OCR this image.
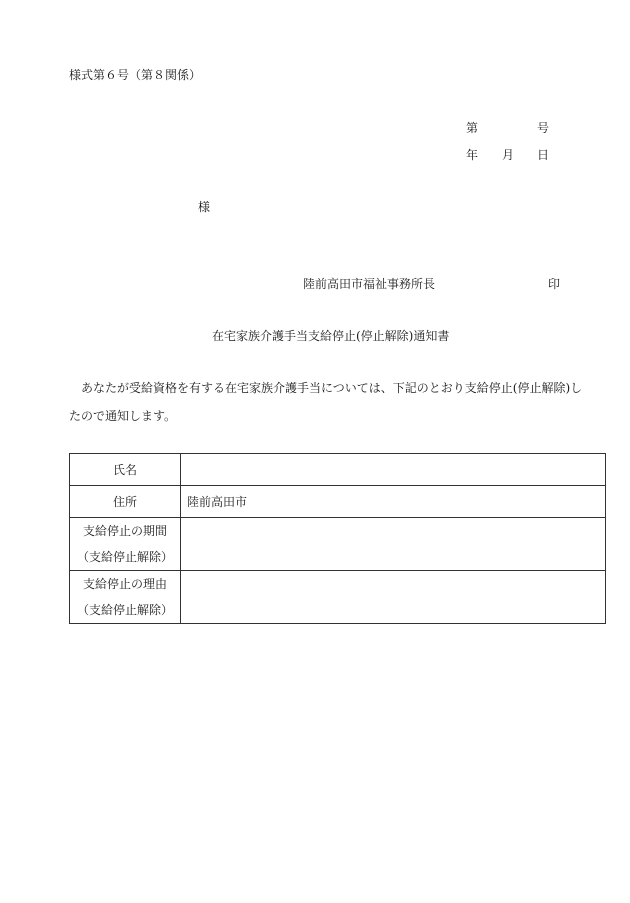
様式第６号（第８関係）
第	号
年 月 日
様
陸前高田市福祉事務所長	印
在宅家族介護手当支給停止(停止解除)通知書
あなたが受給資格を有する在宅家族介護手当については、下記のとおり支給停止(停止解除)したので通知します。
氏名	
住所	陸前高田市

支給停止の期間
（支給停止解除）	

支給停止の理由
（支給停止解除）	
